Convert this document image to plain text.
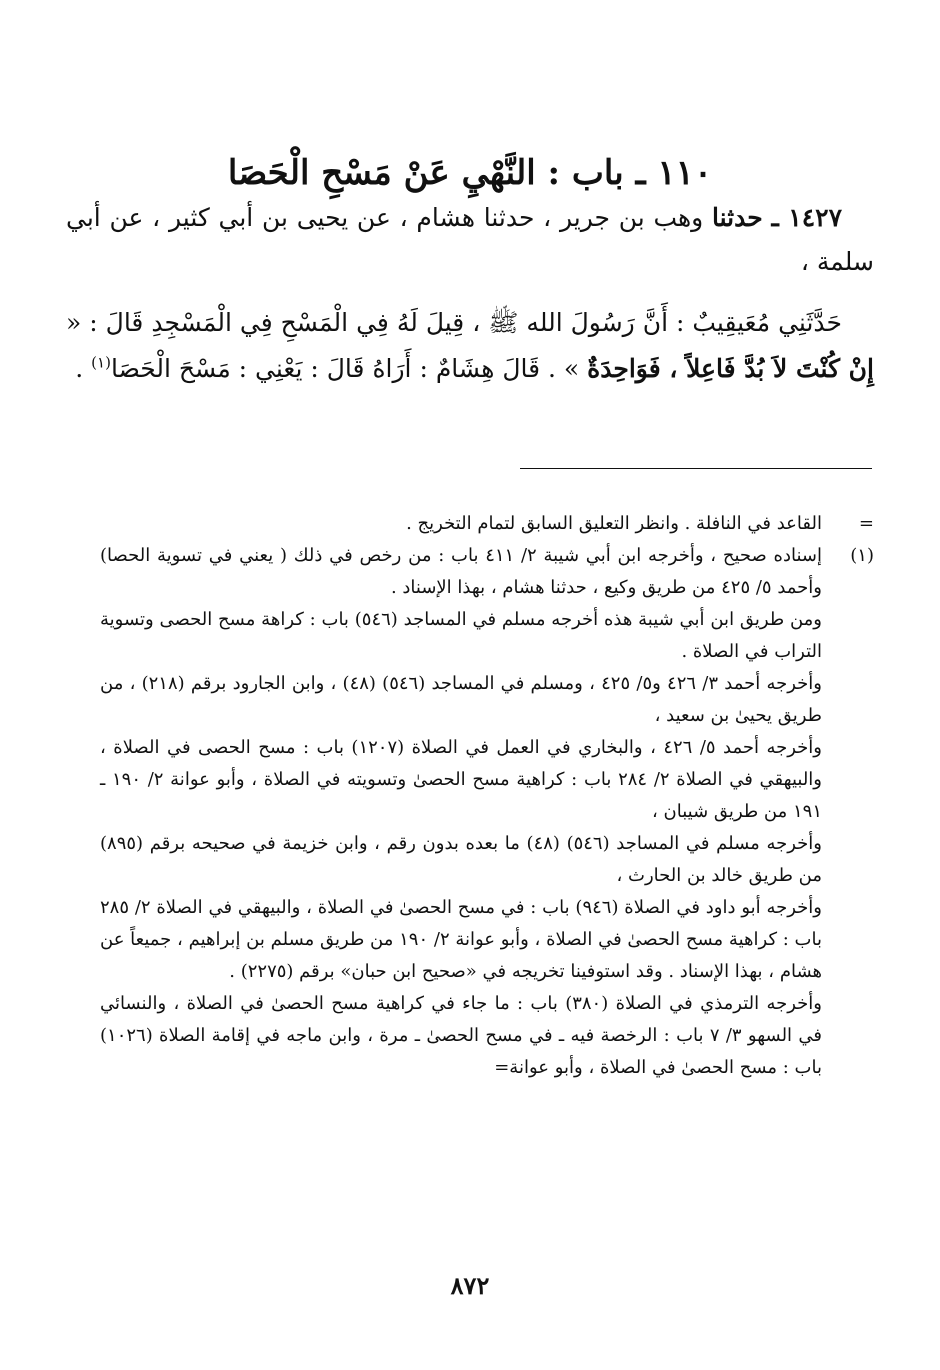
١١٠ ـ باب : النَّهْيِ عَنْ مَسْحِ الْحَصَا

١٤٢٧ ـ حدثنا وهب بن جرير ، حدثنا هشام ، عن يحيى بن أبي كثير ، عن أبي سلمة ،

حَدَّثَنِي مُعَيقِيبٌ : أَنَّ رَسُولَ الله ﷺ ، قِيلَ لَهُ فِي الْمَسْحِ فِي الْمَسْجِدِ قَالَ : « إِنْ كُنْتَ لاَ بُدَّ فَاعِلاً ، فَوَاحِدَةٌ » . قَالَ هِشَامٌ : أَرَاهُ قَالَ : يَعْنِي : مَسْحَ الْحَصَا$^{(١)}$ .

=

القاعد في النافلة . وانظر التعليق السابق لتمام التخريج .

(١)

إسناده صحيح ، وأخرجه ابن أبي شيبة ٢/ ٤١١ باب : من رخص في ذلك ( يعني في تسوية الحصا) وأحمد ٥/ ٤٢٥ من طريق وكيع ، حدثنا هشام ، بهذا الإسناد .

ومن طريق ابن أبي شيبة هذه أخرجه مسلم في المساجد (٥٤٦) باب : كراهة مسح الحصى وتسوية التراب في الصلاة .

وأخرجه أحمد ٣/ ٤٢٦ و٥/ ٤٢٥ ، ومسلم في المساجد (٥٤٦) (٤٨) ، وابن الجارود برقم (٢١٨) ، من طريق يحيىٰ بن سعيد ،

وأخرجه أحمد ٥/ ٤٢٦ ، والبخاري في العمل في الصلاة (١٢٠٧) باب : مسح الحصى في الصلاة ، والبيهقي في الصلاة ٢/ ٢٨٤ باب : كراهية مسح الحصىٰ وتسويته في الصلاة ، وأبو عوانة ٢/ ١٩٠ ـ ١٩١ من طريق شيبان ،

وأخرجه مسلم في المساجد (٥٤٦) (٤٨) ما بعده بدون رقم ، وابن خزيمة في صحيحه برقم (٨٩٥) من طريق خالد بن الحارث ،

وأخرجه أبو داود في الصلاة (٩٤٦) باب : في مسح الحصىٰ في الصلاة ، والبيهقي في الصلاة ٢/ ٢٨٥ باب : كراهية مسح الحصىٰ في الصلاة ، وأبو عوانة ٢/ ١٩٠ من طريق مسلم بن إبراهيم ، جميعاً عن هشام ، بهذا الإسناد . وقد استوفينا تخريجه في «صحيح ابن حبان» برقم (٢٢٧٥) .

وأخرجه الترمذي في الصلاة (٣٨٠) باب : ما جاء في كراهية مسح الحصىٰ في الصلاة ، والنسائي في السهو ٣/ ٧ باب : الرخصة فيه ـ في مسح الحصىٰ ـ مرة ، وابن ماجه في إقامة الصلاة (١٠٢٦) باب : مسح الحصىٰ في الصلاة ، وأبو عوانة=

٨٧٢
